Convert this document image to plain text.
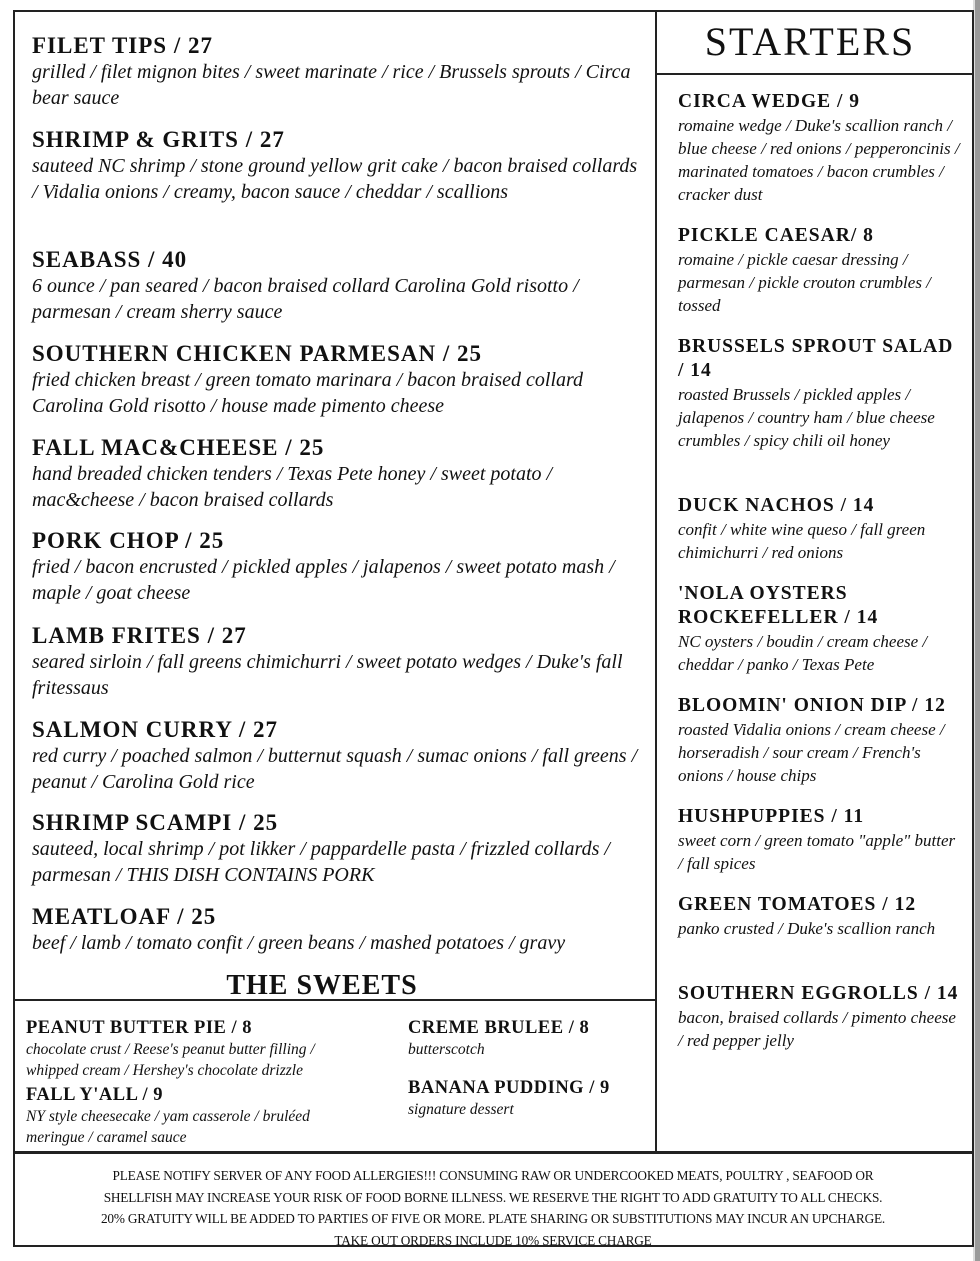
FILET TIPS / 27
grilled / filet mignon bites / sweet marinate / rice / Brussels sprouts / Circa bear sauce
SHRIMP & GRITS / 27
sauteed NC shrimp / stone ground yellow grit cake / bacon braised collards / Vidalia onions / creamy, bacon sauce / cheddar / scallions
SEABASS / 40
6 ounce / pan seared / bacon braised collard Carolina Gold risotto / parmesan / cream sherry sauce
SOUTHERN CHICKEN PARMESAN / 25
fried chicken breast / green tomato marinara / bacon braised collard Carolina Gold risotto / house made pimento cheese
FALL MAC&CHEESE / 25
hand breaded chicken tenders / Texas Pete honey / sweet potato / mac&cheese / bacon braised collards
PORK CHOP / 25
fried / bacon encrusted / pickled apples / jalapenos / sweet potato mash / maple / goat cheese
LAMB FRITES / 27
seared sirloin / fall greens chimichurri / sweet potato wedges / Duke's fall fritessaus
SALMON CURRY / 27
red curry / poached salmon / butternut squash / sumac onions / fall greens / peanut / Carolina Gold rice
SHRIMP SCAMPI / 25
sauteed, local shrimp / pot likker / pappardelle pasta / frizzled collards / parmesan / THIS DISH CONTAINS PORK
MEATLOAF / 25
beef / lamb / tomato confit / green beans / mashed potatoes / gravy
STARTERS
CIRCA WEDGE / 9
romaine wedge / Duke's scallion ranch / blue cheese / red onions / pepperoncinis / marinated tomatoes / bacon crumbles / cracker dust
PICKLE CAESAR/ 8
romaine / pickle caesar dressing / parmesan / pickle crouton crumbles / tossed
BRUSSELS SPROUT SALAD / 14
roasted Brussels / pickled apples / jalapenos / country ham / blue cheese crumbles / spicy chili oil honey
DUCK NACHOS / 14
confit / white wine queso / fall green chimichurri / red onions
'NOLA OYSTERS ROCKEFELLER / 14
NC oysters / boudin / cream cheese / cheddar / panko / Texas Pete
BLOOMIN' ONION DIP / 12
roasted Vidalia onions / cream cheese / horseradish / sour cream / French's onions / house chips
HUSHPUPPIES / 11
sweet corn / green tomato "apple" butter / fall spices
GREEN TOMATOES / 12
panko crusted / Duke's scallion ranch
SOUTHERN EGGROLLS / 14
bacon, braised collards / pimento cheese / red pepper jelly
THE SWEETS
PEANUT BUTTER PIE / 8
chocolate crust / Reese's peanut butter filling / whipped cream / Hershey's chocolate drizzle
FALL Y'ALL / 9
NY style cheesecake / yam casserole / bruléed meringue / caramel sauce
CREME BRULEE / 8
butterscotch
BANANA PUDDING / 9
signature dessert
PLEASE NOTIFY SERVER OF ANY FOOD ALLERGIES!!! CONSUMING RAW OR UNDERCOOKED MEATS, POULTRY , SEAFOOD OR
SHELLFISH MAY INCREASE YOUR RISK OF FOOD BORNE ILLNESS. WE RESERVE THE RIGHT TO ADD GRATUITY TO ALL CHECKS.
20% GRATUITY WILL BE ADDED TO PARTIES OF FIVE OR MORE. PLATE SHARING OR SUBSTITUTIONS MAY INCUR AN UPCHARGE.
TAKE OUT ORDERS INCLUDE 10% SERVICE CHARGE
